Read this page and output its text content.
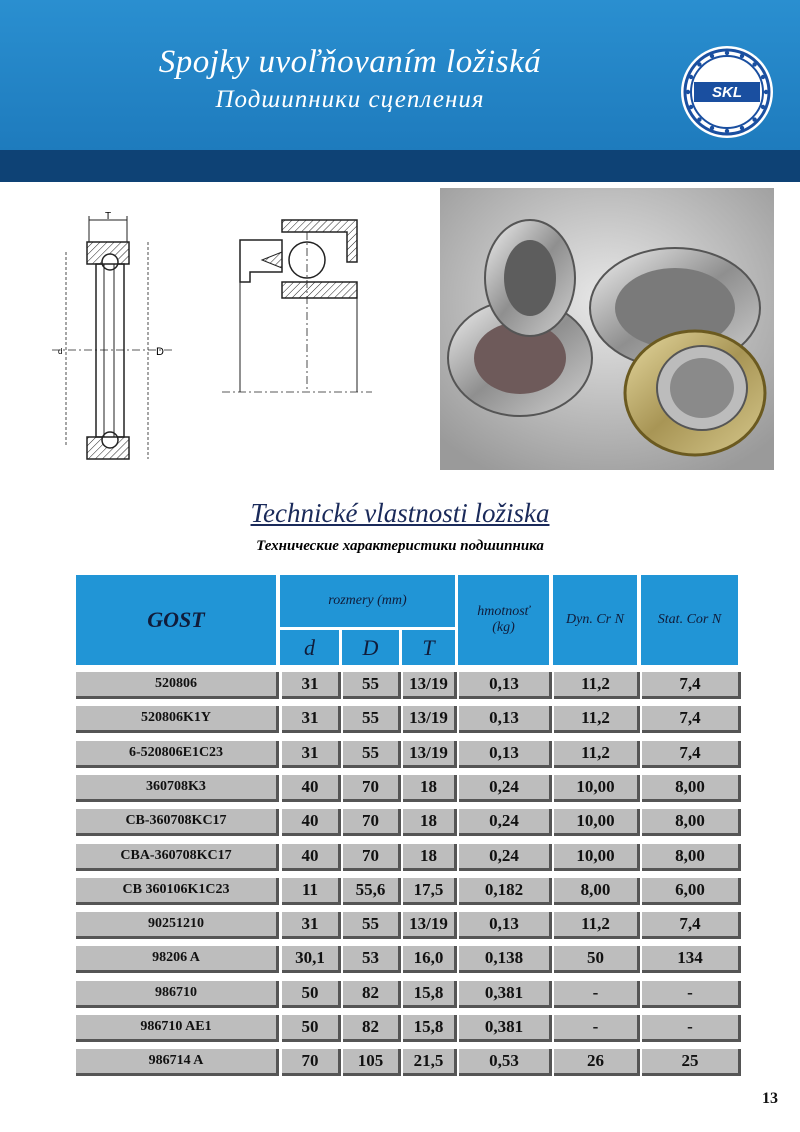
Spojky uvoľňovaním ložiská
Подшипники сцепления	SKL
T
d	D
Technické vlastnosti ložiska
Технические характеристики подшипника
GOST
rozmery (mm)
d	D	T
hmotnosť (kg)
Dyn. Cr N	Stat. Cor N
520806	31	55	13/19	0,13	11,2	7,4
520806K1Y	31	55	13/19	0,13	11,2	7,4
6-520806E1C23	31	55	13/19	0,13	11,2	7,4
360708K3	40	70	18	0,24	10,00	8,00
CB-360708KC17	40	70	18	0,24	10,00	8,00
CBA-360708KC17	40	70	18	0,24	10,00	8,00
CB 360106K1C23	11	55,6	17,5	0,182	8,00	6,00
90251210	31	55	13/19	0,13	11,2	7,4
98206 A	30,1	53	16,0	0,138	50	134
986710	50	82	15,8	0,381	-	-
986710 AE1	50	82	15,8	0,381	-	-
986714 A	70	105	21,5	0,53	26	25
13
